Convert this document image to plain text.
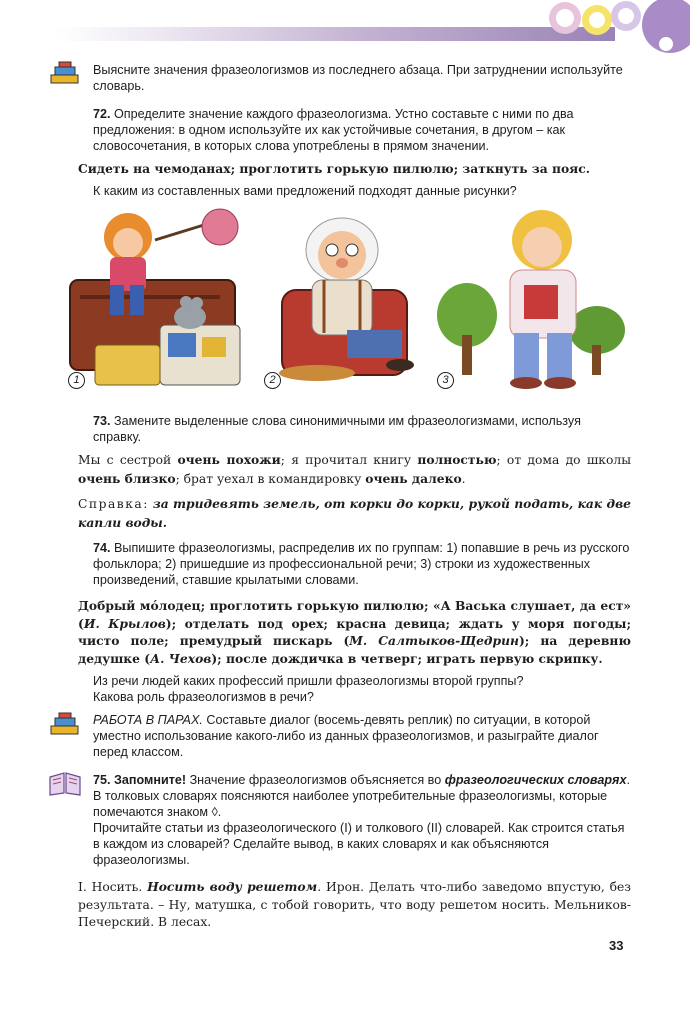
Выясните значения фразеологизмов из последнего абзаца. При затруднении используйте словарь.
72. Определите значение каждого фразеологизма. Устно составьте с ними по два предложения: в одном используйте их как устойчивые сочетания, в другом – как словосочетания, в которых слова употреблены в прямом значении.
Сидеть на чемоданах; проглотить горькую пилюлю; заткнуть за пояс.
К каким из составленных вами предложений подходят данные рисунки?
1	2	3
73. Замените выделенные слова синонимичными им фразеологизмами, используя справку.
Мы с сестрой очень похожи; я прочитал книгу полностью; от дома до школы очень близко; брат уехал в командировку очень далеко.
Справка: за тридевять земель, от корки до корки, рукой подать, как две капли воды.
74. Выпишите фразеологизмы, распределив их по группам: 1) попавшие в речь из русского фольклора; 2) пришедшие из профессиональной речи; 3) строки из художественных произведений, ставшие крылатыми словами.
Добрый мóлодец; проглотить горькую пилюлю; «А Васька слушает, да ест» (И. Крылов); отделать под орех; красна девица; ждать у моря погоды; чисто поле; премудрый пискарь (М. Салтыков-Щедрин); на деревню дедушке (А. Чехов); после дождичка в четверг; играть первую скрипку.
Из речи людей каких профессий пришли фразеологизмы второй группы?
Какова роль фразеологизмов в речи?
РАБОТА В ПАРАХ. Составьте диалог (восемь-девять реплик) по ситуации, в которой уместно использование какого-либо из данных фразеологизмов, и разыграйте диалог перед классом.
75. Запомните! Значение фразеологизмов объясняется во фразеологических словарях. В толковых словарях поясняются наиболее употребительные фразеологизмы, которые помечаются знаком ◊.
Прочитайте статьи из фразеологического (I) и толкового (II) словарей. Как строится статья в каждом из словарей? Сделайте вывод, в каких словарях и как объясняются фразеологизмы.
I. Носить. Носить воду решетом. Ирон. Делать что-либо заведомо впустую, без результата. – Ну, матушка, с тобой говорить, что воду решетом носить. Мельников-Печерский. В лесах.
33
